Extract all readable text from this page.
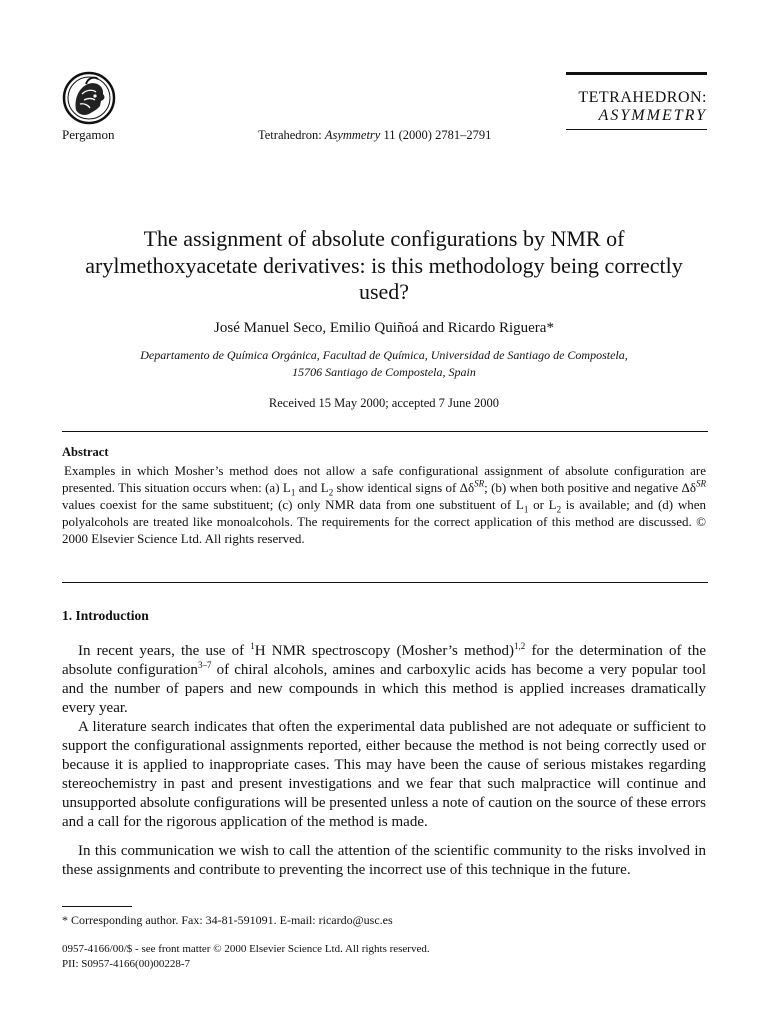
Pergamon	Tetrahedron: Asymmetry 11 (2000) 2781–2791
TETRAHEDRON:
ASYMMETRY
The assignment of absolute configurations by NMR of arylmethoxyacetate derivatives: is this methodology being correctly used?
José Manuel Seco, Emilio Quiñoá and Ricardo Riguera*
Departamento de Química Orgánica, Facultad de Química, Universidad de Santiago de Compostela,
15706 Santiago de Compostela, Spain
Received 15 May 2000; accepted 7 June 2000
Abstract
Examples in which Mosher’s method does not allow a safe configurational assignment of absolute configuration are presented. This situation occurs when: (a) $L_1$ and $L_2$ show identical signs of $\Delta\delta^{SR}$; (b) when both positive and negative $\Delta\delta^{SR}$ values coexist for the same substituent; (c) only NMR data from one substituent of $L_1$ or $L_2$ is available; and (d) when polyalcohols are treated like monoalcohols. The requirements for the correct application of this method are discussed. © 2000 Elsevier Science Ltd. All rights reserved.
1. Introduction
In recent years, the use of $^1$H NMR spectroscopy (Mosher’s method)$^{1,2}$ for the determination of the absolute configuration$^{3-7}$ of chiral alcohols, amines and carboxylic acids has become a very popular tool and the number of papers and new compounds in which this method is applied increases dramatically every year.
A literature search indicates that often the experimental data published are not adequate or sufficient to support the configurational assignments reported, either because the method is not being correctly used or because it is applied to inappropriate cases. This may have been the cause of serious mistakes regarding stereochemistry in past and present investigations and we fear that such malpractice will continue and unsupported absolute configurations will be presented unless a note of caution on the source of these errors and a call for the rigorous application of the method is made.
In this communication we wish to call the attention of the scientific community to the risks involved in these assignments and contribute to preventing the incorrect use of this technique in the future.
* Corresponding author. Fax: 34-81-591091. E-mail: ricardo@usc.es
0957-4166/00/$ - see front matter © 2000 Elsevier Science Ltd. All rights reserved.
PII: S0957-4166(00)00228-7
